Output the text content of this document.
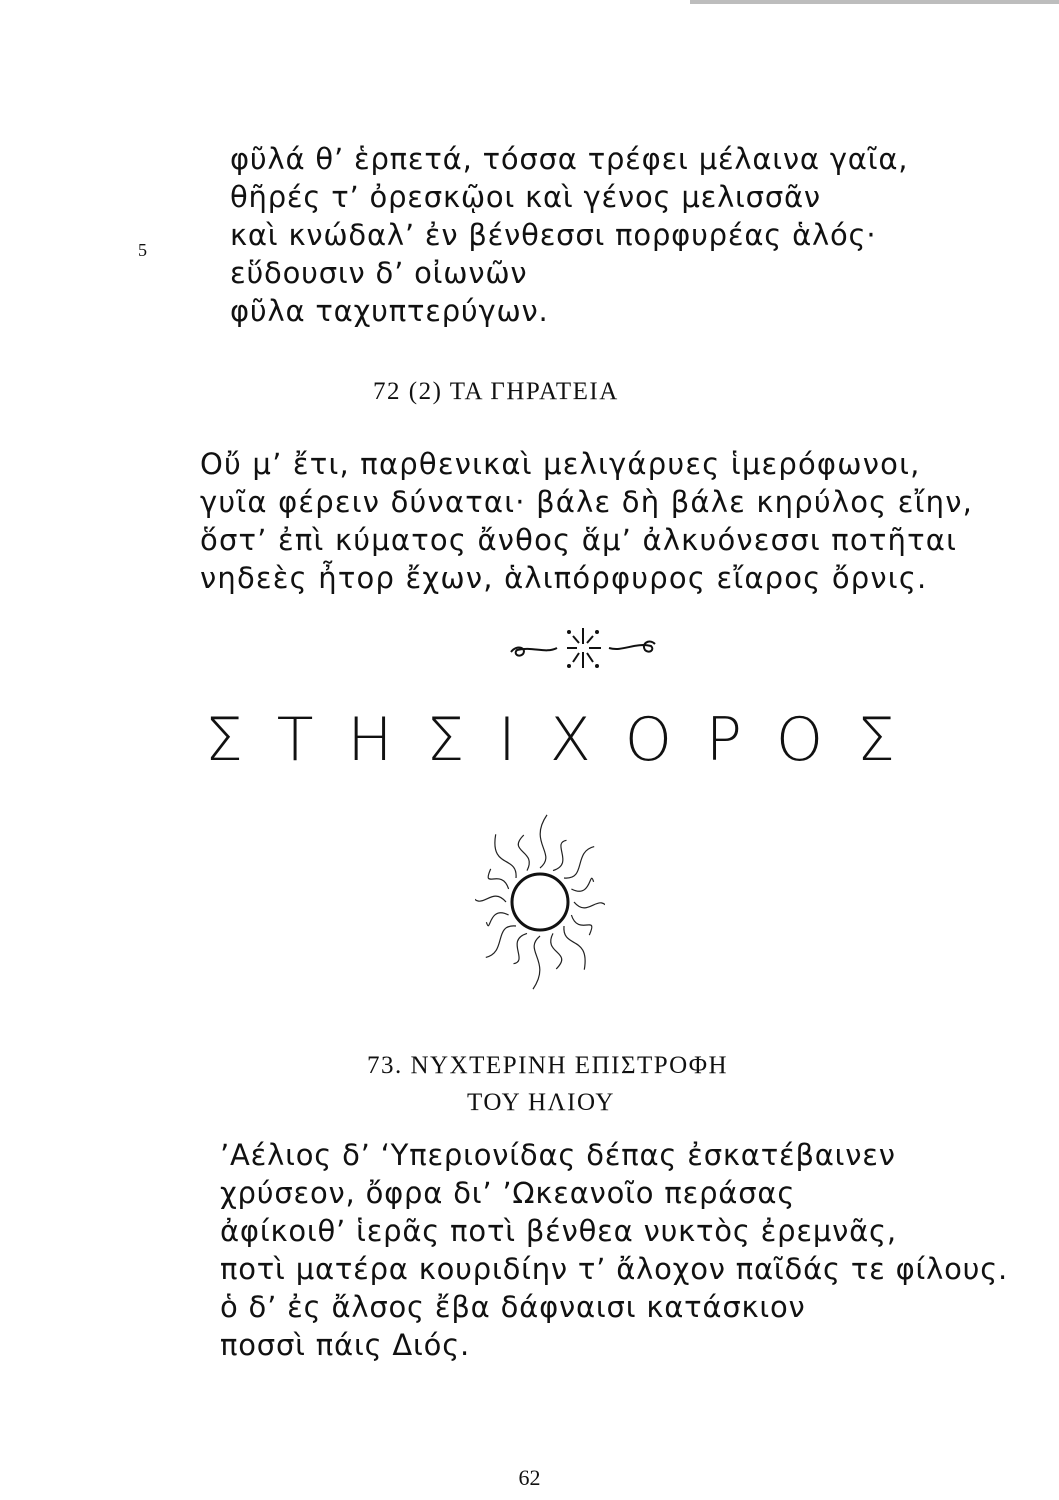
φῦλά θ’ ἑρπετά, τόσσα τρέφει μέλαινα γαῖα,
θῆρές τ’ ὀρεσκῷοι καὶ γένος μελισσᾶν
καὶ κνώδαλ’ ἐν βένθεσσι πορφυρέας ἁλός·
εὕδουσιν δ’ οἰωνῶν
φῦλα ταχυπτερύγων.
5
72 (2) ΤΑ ΓΗΡΑΤΕΙΑ
Οὔ μ’ ἔτι, παρθενικαὶ μελιγάρυες ἱμερόφωνοι,
γυῖα φέρειν δύναται· βάλε δὴ βάλε κηρύλος εἴην,
ὅστ’ ἐπὶ κύματος ἄνθος ἅμ’ ἀλκυόνεσσι ποτῆται
νηδεὲς ἦτορ ἔχων, ἁλιπόρφυρος εἴαρος ὄρνις.
Σ Τ Η Σ Ι Χ Ο Ρ Ο Σ
73. ΝΥΧΤΕΡΙΝΗ ΕΠΙΣΤΡΟΦΗ
ΤΟΥ ΗΛΙΟΥ
’Αέλιος δ’ ‘Υπεριονίδας δέπας ἐσκατέβαινεν
χρύσεον, ὄφρα δι’ ’Ωκεανοῖο περάσας
ἀφίκοιθ’ ἱερᾶς ποτὶ βένθεα νυκτὸς ἐρεμνᾶς,
ποτὶ ματέρα κουριδίην τ’ ἄλοχον παῖδάς τε φίλους.
ὁ δ’ ἐς ἄλσος ἔβα δάφναισι κατάσκιον
ποσσὶ πάις Διός.
62
